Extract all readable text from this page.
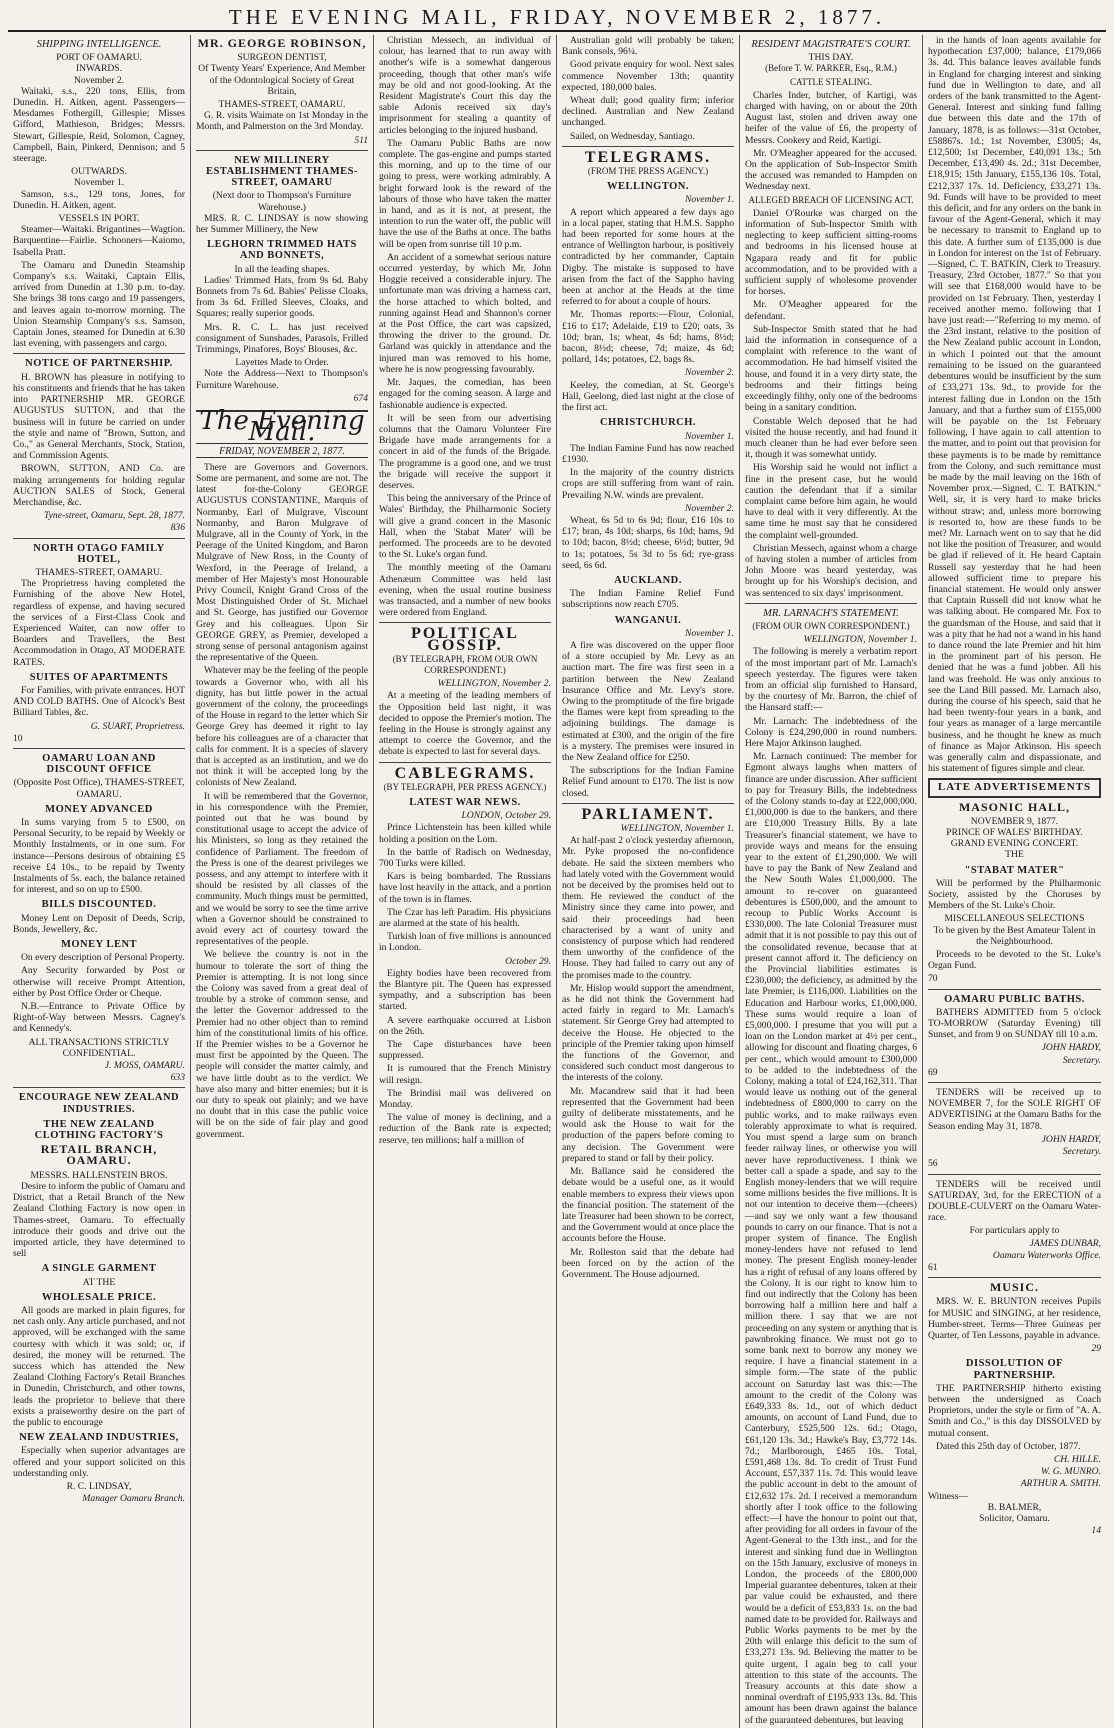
THE EVENING MAIL, FRIDAY, NOVEMBER 2, 1877.
SHIPPING INTELLIGENCE.
PORT OF OAMARU.
INWARDS.
November 2.

Waitaki, s.s., 220 tons, Ellis, from Dunedin. H. Aitken, agent. Passengers—Mesdames Fothergill, Gillespie; Misses Gifford, Mathieson, Bridges; Messrs. Stewart, Gillespie, Reid, Solomon, Cagney, Campbell, Bain, Pinkerd, Dennison; and 5 steerage.

OUTWARDS.
November 1.

Samson, s.s., 129 tons, Jones, for Dunedin. H. Aitken, agent.

VESSELS IN PORT.

Steamer—Waitaki. Brigantines—Wagtion. Barquentine—Fairlie. Schooners—Kaiomo, Isabella Pratt.

The Oamaru and Dunedin Steamship Company's s.s. Waitaki, Captain Ellis, arrived from Dunedin at 1.30 p.m. to-day. She brings 38 tons cargo and 19 passengers, and leaves again to-morrow morning. The Union Steamship Company's s.s. Samson, Captain Jones, steamed for Dunedin at 6.30 last evening, with passengers and cargo.

NOTICE OF PARTNERSHIP.

H. BROWN has pleasure in notifying to his constituents and friends that he has taken into PARTNERSHIP MR. GEORGE AUGUSTUS SUTTON, and that the business will in future be carried on under the style and name of "Brown, Sutton, and Co.," as General Merchants, Stock, Station, and Commission Agents.

BROWN, SUTTON, AND Co. are making arrangements for holding regular AUCTION SALES of Stock, General Merchandise, &c.

Tyne-street, Oamaru, Sept. 28, 1877.
836
NORTH OTAGO FAMILY HOTEL,
THAMES-STREET, OAMARU.

The Proprietress having completed the Furnishing of the above New Hotel, regardless of expense, and having secured the services of a First-Class Cook and Experienced Waiter, can now offer to Boarders and Travellers, the Best Accommodation in Otago, AT MODERATE RATES.

SUITES OF APARTMENTS

For Families, with private entrances. HOT AND COLD BATHS. One of Alcock's Best Billiard Tables, &c.

G. SUART, Proprietress.
10
OAMARU LOAN AND DISCOUNT OFFICE
(Opposite Post Office), THAMES-STREET, OAMARU.
MONEY ADVANCED

In sums varying from 5 to £500, on Personal Security, to be repaid by Weekly or Monthly Instalments, or in one sum. For instance—Persons desirous of obtaining £5 receive £4 10s., to be repaid by Twenty Instalments of 5s. each, the balance retained for interest, and so on up to £500.

BILLS DISCOUNTED.

Money Lent on Deposit of Deeds, Scrip, Bonds, Jewellery, &c.

MONEY LENT

On every description of Personal Property.

Any Security forwarded by Post or otherwise will receive Prompt Attention, either by Post Office Order or Cheque.

N.B.—Entrance to Private Office by Right-of-Way between Messrs. Cagney's and Kennedy's.

ALL TRANSACTIONS STRICTLY CONFIDENTIAL.
J. MOSS, OAMARU.
633
ENCOURAGE NEW ZEALAND INDUSTRIES.
THE NEW ZEALAND CLOTHING FACTORY'S
RETAIL BRANCH, OAMARU.
MESSRS. HALLENSTEIN BROS.

Desire to inform the public of Oamaru and District, that a Retail Branch of the New Zealand Clothing Factory is now open in Thames-street, Oamaru. To effectually introduce their goods and drive out the imported article, they have determined to sell

A SINGLE GARMENT
AT THE
WHOLESALE PRICE.

All goods are marked in plain figures, for net cash only. Any article purchased, and not approved, will be exchanged with the same courtesy with which it was sold; or, if desired, the money will be returned. The success which has attended the New Zealand Clothing Factory's Retail Branches in Dunedin, Christchurch, and other towns, leads the proprietor to believe that there exists a praiseworthy desire on the part of the public to encourage

NEW ZEALAND INDUSTRIES,

Especially when superior advantages are offered and your support solicited on this understanding only.

R. C. LINDSAY,
Manager Oamaru Branch.
MR. GEORGE ROBINSON,
SURGEON DENTIST,

Of Twenty Years' Experience, And Member of the Odontological Society of Great Britain,

THAMES-STREET, OAMARU.

G. R. visits Waimate on 1st Monday in the Month, and Palmerston on the 3rd Monday.

511
NEW MILLINERY ESTABLISHMENT THAMES-STREET, OAMARU
(Next door to Thompson's Furniture Warehouse.)

MRS. R. C. LINDSAY is now showing her Summer Millinery, the New

LEGHORN TRIMMED HATS AND BONNETS,
In all the leading shapes.

Ladies' Trimmed Hats, from 9s 6d. Baby Bonnets from 7s 6d. Babies' Pelisse Cloaks, from 3s 6d. Frilled Sleeves, Cloaks, and Squares; really superior goods.

Mrs. R. C. L. has just received consignment of Sunshades, Parasols, Frilled Trimmings, Pinafores, Boys' Blouses, &c.

Layettes Made to Order.

Note the Address—Next to Thompson's Furniture Warehouse.

674
The Evening Mail.
FRIDAY, NOVEMBER 2, 1877.

There are Governors and Governors. Some are permanent, and some are not. The latest for-the-Colony GEORGE AUGUSTUS CONSTANTINE, Marquis of Normanby, Earl of Mulgrave, Viscount Normanby, and Baron Mulgrave of Mulgrave, all in the County of York, in the Peerage of the United Kingdom, and Baron Mulgrave of New Ross, in the County of Wexford, in the Peerage of Ireland, a member of Her Majesty's most Honourable Privy Council, Knight Grand Cross of the Most Distinguished Order of St. Michael and St. George, has justified our Governor Grey and his colleagues. Upon Sir GEORGE GREY, as Premier, developed a strong sense of personal antagonism against the representative of the Queen.

Whatever may be the feeling of the people towards a Governor who, with all his dignity, has but little power in the actual government of the colony, the proceedings of the House in regard to the letter which Sir George Grey has deemed it right to lay before his colleagues are of a character that calls for comment. It is a species of slavery that is accepted as an institution, and we do not think it will be accepted long by the colonists of New Zealand.

It will be remembered that the Governor, in his correspondence with the Premier, pointed out that he was bound by constitutional usage to accept the advice of his Ministers, so long as they retained the confidence of Parliament. The freedom of the Press is one of the dearest privileges we possess, and any attempt to interfere with it should be resisted by all classes of the community. Much things must be permitted, and we would be sorry to see the time arrive when a Governor should be constrained to avoid every act of courtesy toward the representatives of the people.

We believe the country is not in the humour to tolerate the sort of thing the Premier is attempting. It is not long since the Colony was saved from a great deal of trouble by a stroke of common sense, and the letter the Governor addressed to the Premier had no other object than to remind him of the constitutional limits of his office. If the Premier wishes to be a Governor he must first be appointed by the Queen. The people will consider the matter calmly, and we have little doubt as to the verdict. We have also many and bitter enemies; but it is our duty to speak out plainly; and we have no doubt that in this case the public voice will be on the side of fair play and good government.

Christian Messech, an individual of colour, has learned that to run away with another's wife is a somewhat dangerous proceeding, though that other man's wife may be old and not good-looking. At the Resident Magistrate's Court this day the sable Adonis received six day's imprisonment for stealing a quantity of articles belonging to the injured husband.

The Oamaru Public Baths are now complete. The gas-engine and pumps started this morning, and up to the time of our going to press, were working admirably. A bright forward look is the reward of the labours of those who have taken the matter in hand, and as it is not, at present, the intention to run the water off, the public will have the use of the Baths at once. The baths will be open from sunrise till 10 p.m.

An accident of a somewhat serious nature occurred yesterday, by which Mr. John Hoggie received a considerable injury. The unfortunate man was driving a harness cart, the horse attached to which bolted, and running against Head and Shannon's corner at the Post Office, the cart was capsized, throwing the driver to the ground. Dr. Garland was quickly in attendance and the injured man was removed to his home, where he is now progressing favourably.

Mr. Jaques, the comedian, has been engaged for the coming season. A large and fashionable audience is expected.

It will be seen from our advertising columns that the Oamaru Volunteer Fire Brigade have made arrangements for a concert in aid of the funds of the Brigade. The programme is a good one, and we trust the brigade will receive the support it deserves.

This being the anniversary of the Prince of Wales' Birthday, the Philharmonic Society will give a grand concert in the Masonic Hall, when the 'Stabat Mater' will be performed. The proceeds are to be devoted to the St. Luke's organ fund.

The monthly meeting of the Oamaru Athenæum Committee was held last evening, when the usual routine business was transacted, and a number of new books were ordered from England.

POLITICAL GOSSIP.
(BY TELEGRAPH, FROM OUR OWN CORRESPONDENT.)
WELLINGTON, November 2.

At a meeting of the leading members of the Opposition held last night, it was decided to oppose the Premier's motion. The feeling in the House is strongly against any attempt to coerce the Governor, and the debate is expected to last for several days.

CABLEGRAMS.
(BY TELEGRAPH, PER PRESS AGENCY.)
LATEST WAR NEWS.
LONDON, October 29.

Prince Lichtenstein has been killed while holding a position on the Lom.

In the battle of Radisch on Wednesday, 700 Turks were killed.

Kars is being bombarded. The Russians have lost heavily in the attack, and a portion of the town is in flames.

The Czar has left Paradim. His physicians are alarmed at the state of his health.

Turkish loan of five millions is announced in London.

October 29.

Eighty bodies have been recovered from the Blantyre pit. The Queen has expressed sympathy, and a subscription has been started.

A severe earthquake occurred at Lisbon on the 26th.

The Cape disturbances have been suppressed.

It is rumoured that the French Ministry will resign.

The Brindisi mail was delivered on Monday.

The value of money is declining, and a reduction of the Bank rate is expected; reserve, ten millions; half a million of

Australian gold will probably be taken; Bank consols, 96¼.

Good private enquiry for wool. Next sales commence November 13th; quantity expected, 180,000 bales.

Wheat dull; good quality firm; inferior declined. Australian and New Zealand unchanged.

Sailed, on Wednesday, Santiago.

TELEGRAMS.
(FROM THE PRESS AGENCY.)
WELLINGTON.
November 1.

A report which appeared a few days ago in a local paper, stating that H.M.S. Sappho had been reported for some hours at the entrance of Wellington harbour, is positively contradicted by her commander, Captain Digby. The mistake is supposed to have arisen from the fact of the Sappho having been at anchor at the Heads at the time referred to for about a couple of hours.

Mr. Thomas reports:—Flour, Colonial, £16 to £17; Adelaide, £19 to £20; oats, 3s 10d; bran, 1s; wheat, 4s 6d; hams, 8½d; bacon, 8½d; cheese, 7d; maize, 4s 6d; pollard, 14s; potatoes, £2, bags 8s.

November 2.

Keeley, the comedian, at St. George's Hall, Geelong, died last night at the close of the first act.

CHRISTCHURCH.
November 1.

The Indian Famine Fund has now reached £1930.

In the majority of the country districts crops are still suffering from want of rain. Prevailing N.W. winds are prevalent.

November 2.

Wheat, 6s 5d to 6s 9d; flour, £16 10s to £17; bran, 4s 10d; sharps, 6s 10d; hams, 9d to 10d; bacon, 8½d; cheese, 6½d; butter, 9d to 1s; potatoes, 5s 3d to 5s 6d; rye-grass seed, 6s 6d.

AUCKLAND.

The Indian Famine Relief Fund subscriptions now reach £705.

WANGANUI.
November 1.

A fire was discovered on the upper floor of a store occupied by Mr. Levy as an auction mart. The fire was first seen in a partition between the New Zealand Insurance Office and Mr. Levy's store. Owing to the promptitude of the fire brigade the flames were kept from spreading to the adjoining buildings. The damage is estimated at £300, and the origin of the fire is a mystery. The premises were insured in the New Zealand office for £250.

The subscriptions for the Indian Famine Relief Fund amount to £170. The list is now closed.

PARLIAMENT.
WELLINGTON, November 1.

At half-past 2 o'clock yesterday afternoon, Mr. Pyke proposed the no-confidence debate. He said the sixteen members who had lately voted with the Government would not be deceived by the promises held out to them. He reviewed the conduct of the Ministry since they came into power, and said their proceedings had been characterised by a want of unity and consistency of purpose which had rendered them unworthy of the confidence of the House. They had failed to carry out any of the promises made to the country.

Mr. Hislop would support the amendment, as he did not think the Government had acted fairly in regard to Mr. Larnach's statement. Sir George Grey had attempted to deceive the House. He objected to the principle of the Premier taking upon himself the functions of the Governor, and considered such conduct most dangerous to the interests of the colony.

Mr. Macandrew said that it had been represented that the Government had been guilty of deliberate misstatements, and he would ask the House to wait for the production of the papers before coming to any decision. The Government were prepared to stand or fall by their policy.

Mr. Ballance said he considered the debate would be a useful one, as it would enable members to express their views upon the financial position. The statement of the late Treasurer had been shown to be correct, and the Government would at once place the accounts before the House.

Mr. Rolleston said that the debate had been forced on by the action of the Government. The House adjourned.

RESIDENT MAGISTRATE'S COURT.
THIS DAY.
(Before T. W. PARKER, Esq., R.M.)
CATTLE STEALING.

Charles Inder, butcher, of Kartigi, was charged with having, on or about the 20th August last, stolen and driven away one heifer of the value of £6, the property of Messrs. Cookery and Reid, Kartigi.

Mr. O'Meagher appeared for the accused. On the application of Sub-Inspector Smith the accused was remanded to Hampden on Wednesday next.

ALLEGED BREACH OF LICENSING ACT.

Daniel O'Rourke was charged on the information of Sub-Inspector Smith with neglecting to keep sufficient sitting-rooms and bedrooms in his licensed house at Ngapara ready and fit for public accommodation, and to be provided with a sufficient supply of wholesome provender for horses.

Mr. O'Meagher appeared for the defendant.

Sub-Inspector Smith stated that he had laid the information in consequence of a complaint with reference to the want of accommodation. He had himself visited the house, and found it in a very dirty state, the bedrooms and their fittings being exceedingly filthy, only one of the bedrooms being in a sanitary condition.

Constable Welch deposed that he had visited the house recently, and had found it much cleaner than he had ever before seen it, though it was somewhat untidy.

His Worship said he would not inflict a fine in the present case, but he would caution the defendant that if a similar complaint came before him again, he would have to deal with it very differently. At the same time he must say that he considered the complaint well-grounded.

Christian Messech, against whom a charge of having stolen a number of articles from John Moore was heard yesterday, was brought up for his Worship's decision, and was sentenced to six days' imprisonment.

MR. LARNACH'S STATEMENT.
(FROM OUR OWN CORRESPONDENT.)
WELLINGTON, November 1.

The following is merely a verbatim report of the most important part of Mr. Larnach's speech yesterday. The figures were taken from an official slip furnished to Hansard, by the courtesy of Mr. Barron, the chief of the Hansard staff:—

Mr. Larnach: The indebtedness of the Colony is £24,290,000 in round numbers. Here Major Atkinson laughed.

Mr. Larnach continued: The member for Egmont always laughs when matters of finance are under discussion. After sufficient to pay for Treasury Bills, the indebtedness of the Colony stands to-day at £22,000,000. £1,000,000 is due to the bankers, and there are £10,000 Treasury Bills. By a late Treasurer's financial statement, we have to provide ways and means for the ensuing year to the extent of £1,290,000. We will have to pay the Bank of New Zealand and the New South Wales £1,000,000. The amount to re-cover on guaranteed debentures is £500,000, and the amount to recoup to Public Works Account is £330,000. The late Colonial Treasurer must admit that it is not possible to pay this out of the consolidated revenue, because that at present cannot afford it. The deficiency on the Provincial liabilities estimates is £230,000; the deficiency, as admitted by the late Premier, is £116,000. Liabilities on the Education and Harbour works, £1,000,000. These sums would require a loan of £5,000,000. I presume that you will put a loan on the London market at 4½ per cent., allowing for discount and floating charges, 6 per cent., which would amount to £300,000 to be added to the indebtedness of the Colony, making a total of £24,162,311. That would leave us nothing out of the general indebtedness of £800,000 to carry on the public works, and to make railways even tolerably approximate to what is required. You must spend a large sum on branch feeder railway lines, or otherwise you will never have reproductiveness. I think we better call a spade a spade, and say to the English money-lenders that we will require some millions besides the five millions. It is not our intention to deceive them—(cheers)—and say we only want a few thousand pounds to carry on our finance. That is not a proper system of finance. The English money-lenders have not refused to lend money. The present English money-lender has a right of refusal of any loans offered by the Colony. It is our right to know him to find out indirectly that the Colony has been borrowing half a million here and half a million there. I say that we are not proceeding on any system or anything that is pawnbroking finance. We must not go to some bank next to borrow any money we require. I have a financial statement in a simple form.—The state of the public account on Saturday last was this:—The amount to the credit of the Colony was £649,333 8s. 1d., out of which deduct amounts, on account of Land Fund, due to Canterbury, £525,500 12s. 6d.; Otago, £61,120 13s. 3d.; Hawke's Bay, £3,772 14s. 7d.; Marlborough, £465 10s. Total, £591,468 13s. 8d. To credit of Trust Fund Account, £57,337 11s. 7d. This would leave the public account in debt to the amount of £12,632 17s. 2d. I received a memorandum shortly after I took office to the following effect:—I have the honour to point out that, after providing for all orders in favour of the Agent-General to the 13th inst., and for the interest and sinking fund due in Wellington on the 15th January, exclusive of moneys in London, the proceeds of the £800,000 Imperial guarantee debentures, taken at their par value could be exhausted, and there would be a deficit of £53,833 1s. on the bad named date to be provided for. Railways and Public Works payments to be met by the 20th will enlarge this deficit to the sum of £33,271 13s. 9d. Believing the matter to be quite urgent, I again beg to call your attention to this state of the accounts. The Treasury accounts at this date show a nominal overdraft of £195,933 13s. 8d. This amount has been drawn against the balance of the guaranteed debentures, but leaving

in the hands of loan agents available for hypothecation £37,000; balance, £179,066 3s. 4d. This balance leaves available funds in England for charging interest and sinking fund due in Wellington to date, and all orders of the bank transmitted to the Agent-General. Interest and sinking fund falling due between this date and the 17th of January, 1878, is as follows:—31st October, £58867s. 1d.; 1st November, £3005; 4s, £12,500; 1st December, £40,091 13s.; 5th December, £13,490 4s. 2d.; 31st December, £18,915; 15th January, £155,136 10s. Total, £212,337 17s. 1d. Deficiency, £33,271 13s. 9d. Funds will have to be provided to meet this deficit, and for any orders on the bank in favour of the Agent-General, which it may be necessary to transmit to England up to this date. A further sum of £135,000 is due in London for interest on the 1st of February.—Signed, C. T. BATKIN, Clerk to Treasury. Treasury, 23rd October, 1877." So that you will see that £168,000 would have to be provided on 1st February. Then, yesterday I received another memo. following that I have just read:—"Referring to my memo. of the 23rd instant, relative to the position of the New Zealand public account in London, in which I pointed out that the amount remaining to be issued on the guaranteed debentures would be insufficient by the sum of £33,271 13s. 9d., to provide for the interest falling due in London on the 15th January, and that a further sum of £155,000 will be payable on the 1st February following, I have again to call attention to the matter, and to point out that provision for these payments is to be made by remittance from the Colony, and such remittance must be made by the mail leaving on the 16th of November prox.—Signed, C. T. BATKIN." Well, sir, it is very hard to make bricks without straw; and, unless more borrowing is resorted to, how are these funds to be met? Mr. Larnach went on to say that he did not like the position of Treasurer, and would be glad if relieved of it. He heard Captain Russell say yesterday that he had been allowed sufficient time to prepare his financial statement. He would only answer that Captain Russell did not know what he was talking about. He compared Mr. Fox to the guardsman of the House, and said that it was a pity that he had not a wand in his hand to dance round the late Premier and hit him in the prominent part of his person. He denied that he was a fund jobber. All his land was freehold. He was only anxious to see the Land Bill passed. Mr. Larnach also, during the course of his speech, said that he had been twenty-four years in a bank, and four years as manager of a large mercantile business, and he thought he knew as much of finance as Major Atkinson. His speech was generally calm and dispassionate, and his statement of figures simple and clear.

LATE ADVERTISEMENTS
MASONIC HALL,
NOVEMBER 9, 1877.
PRINCE OF WALES' BIRTHDAY.
GRAND EVENING CONCERT.
THE
"STABAT MATER"

Will be performed by the Philharmonic Society, assisted by the Choruses by Members of the St. Luke's Choir.

MISCELLANEOUS SELECTIONS

To be given by the Best Amateur Talent in the Neighbourhood.

Proceeds to be devoted to the St. Luke's Organ Fund.

70
OAMARU PUBLIC BATHS.

BATHERS ADMITTED from 5 o'clock TO-MORROW (Saturday Evening) till Sunset, and from 9 on SUNDAY till 10 a.m.

JOHN HARDY,
Secretary.
69

TENDERS will be received up to NOVEMBER 7, for the SOLE RIGHT OF ADVERTISING at the Oamaru Baths for the Season ending May 31, 1878.

JOHN HARDY,
Secretary.
56

TENDERS will be received until SATURDAY, 3rd, for the ERECTION of a DOUBLE-CULVERT on the Oamaru Water-race.

For particulars apply to
JAMES DUNBAR,
Oamaru Waterworks Office.
61
MUSIC.

MRS. W. E. BRUNTON receives Pupils for MUSIC and SINGING, at her residence, Humber-street. Terms—Three Guineas per Quarter, of Ten Lessons, payable in advance.

29
DISSOLUTION OF PARTNERSHIP.

THE PARTNERSHIP hitherto existing between the undersigned as Coach Proprietors, under the style or firm of "A. A. Smith and Co.," is this day DISSOLVED by mutual consent.

Dated this 25th day of October, 1877.

CH. HILLE.
W. G. MUNRO.
ARTHUR A. SMITH.
Witness—
B. BALMER,
Solicitor, Oamaru.
14
